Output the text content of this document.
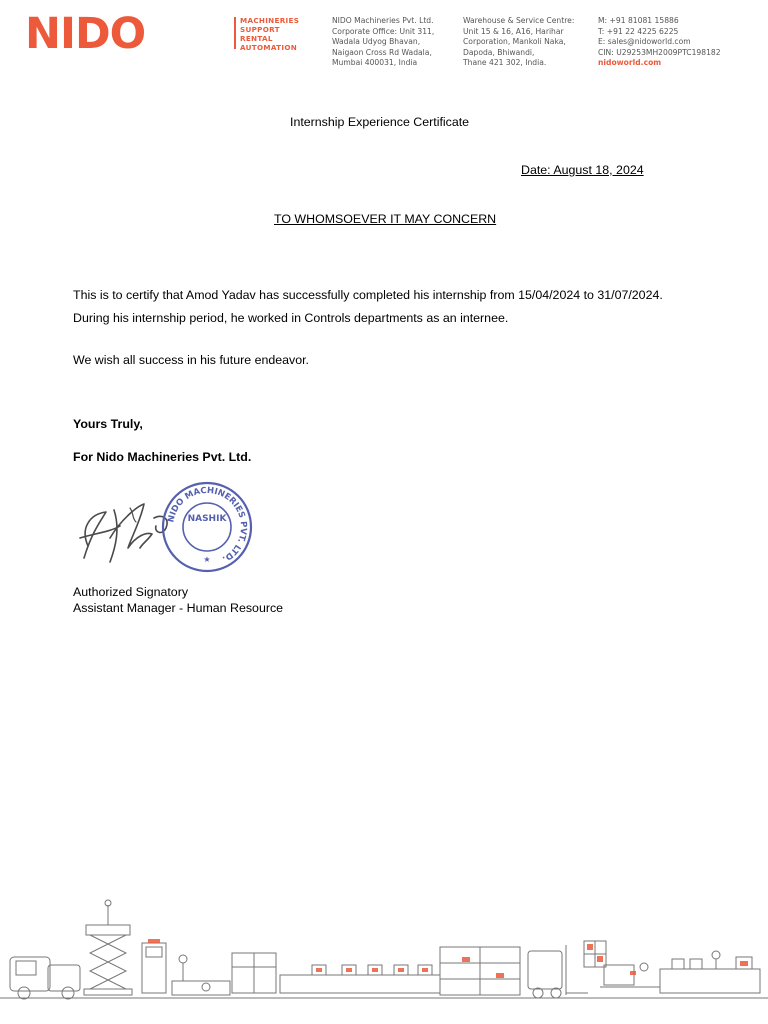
NIDO	MACHINERIES
SUPPORT
RENTAL
AUTOMATION
NIDO Machineries Pvt. Ltd.
Corporate Office: Unit 311,
Wadala Udyog Bhavan,
Naigaon Cross Rd Wadala,
Mumbai 400031, India
Warehouse & Service Centre:
Unit 15 & 16, A16, Harihar
Corporation, Mankoli Naka,
Dapoda, Bhiwandi,
Thane 421 302, India.
M: +91 81081 15886
T: +91 22 4225 6225
E: sales@nidoworld.com
CIN: U29253MH2009PTC198182
nidoworld.com
Internship Experience Certificate
Date: August 18, 2024
TO WHOMSOEVER IT MAY CONCERN
This is to certify that Amod Yadav has successfully completed his internship from 15/04/2024 to 31/07/2024. During his internship period, he worked in Controls departments as an internee.
We wish all success in his future endeavor.
Yours Truly,
For Nido Machineries Pvt. Ltd.
NIDO MACHINERIES PVT. LTD.
★
NASHIK
Authorized Signatory
Assistant Manager - Human Resource
